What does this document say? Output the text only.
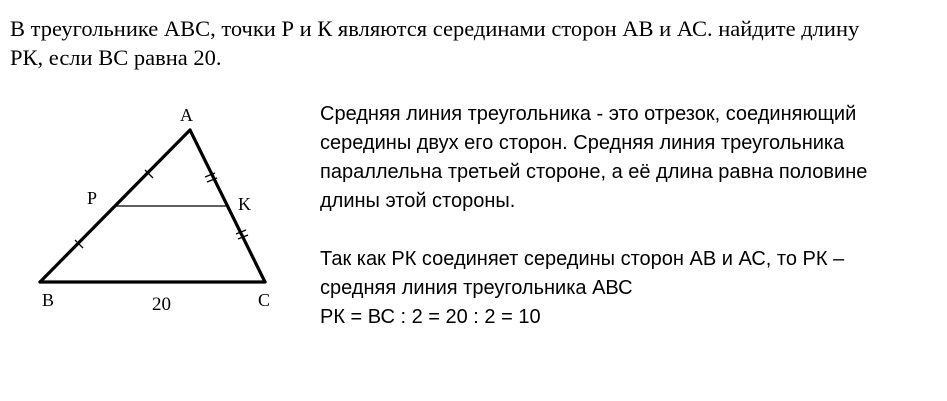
В треугольнике АВС, точки Р и К являются серединами сторон АВ и АС. найдите длину
РК, если ВС равна 20.
A
B	C
P	K
20

Средняя линия треугольника - это отрезок, соединяющий

середины двух его сторон. Средняя линия треугольника

параллельна третьей стороне, а её длина равна половине

длины этой стороны.

Так как РК соединяет середины сторон АВ и АС, то РК –

средняя линия треугольника АВС

РК = ВС : 2 = 20 : 2 = 10
